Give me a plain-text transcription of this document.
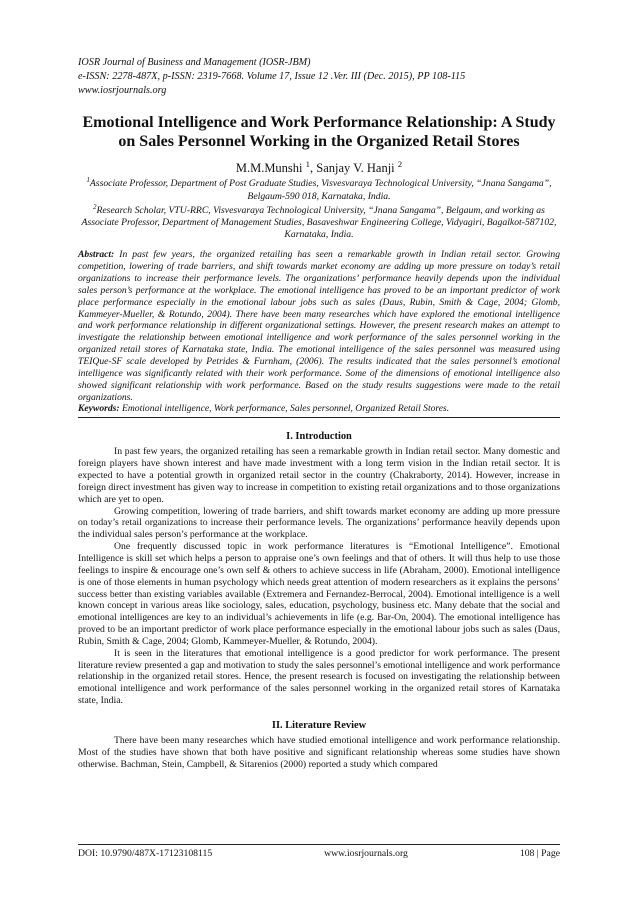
IOSR Journal of Business and Management (IOSR-JBM)
e-ISSN: 2278-487X, p-ISSN: 2319-7668. Volume 17, Issue 12 .Ver. III (Dec. 2015), PP 108-115
www.iosrjournals.org
Emotional Intelligence and Work Performance Relationship: A Study on Sales Personnel Working in the Organized Retail Stores
M.M.Munshi $^1$, Sanjay V. Hanji $^2$
$^1$Associate Professor, Department of Post Graduate Studies, Visvesvaraya Technological University, “Jnana Sangama”, Belgaum-590 018, Karnataka, India.
$^2$Research Scholar, VTU-RRC, Visvesvaraya Technological University, “Jnana Sangama”, Belgaum, and working as Associate Professor, Department of Management Studies, Basaveshwar Engineering College, Vidyagiri, Bagalkot-587102, Karnataka, India.
Abstract: In past few years, the organized retailing has seen a remarkable growth in Indian retail sector. Growing competition, lowering of trade barriers, and shift towards market economy are adding up more pressure on today’s retail organizations to increase their performance levels. The organizations’ performance heavily depends upon the individual sales person’s performance at the workplace. The emotional intelligence has proved to be an important predictor of work place performance especially in the emotional labour jobs such as sales (Daus, Rubin, Smith & Cage, 2004; Glomb, Kammeyer-Mueller, & Rotundo, 2004). There have been many researches which have explored the emotional intelligence and work performance relationship in different organizational settings. However, the present research makes an attempt to investigate the relationship between emotional intelligence and work performance of the sales personnel working in the organized retail stores of Karnataka state, India. The emotional intelligence of the sales personnel was measured using TEIQue-SF scale developed by Petrides & Furnham, (2006). The results indicated that the sales personnel’s emotional intelligence was significantly related with their work performance. Some of the dimensions of emotional intelligence also showed significant relationship with work performance. Based on the study results suggestions were made to the retail organizations.
Keywords: Emotional intelligence, Work performance, Sales personnel, Organized Retail Stores.
I. Introduction

In past few years, the organized retailing has seen a remarkable growth in Indian retail sector. Many domestic and foreign players have shown interest and have made investment with a long term vision in the Indian retail sector. It is expected to have a potential growth in organized retail sector in the country (Chakraborty, 2014). However, increase in foreign direct investment has given way to increase in competition to existing retail organizations and to those organizations which are yet to open.

Growing competition, lowering of trade barriers, and shift towards market economy are adding up more pressure on today’s retail organizations to increase their performance levels. The organizations’ performance heavily depends upon the individual sales person’s performance at the workplace.

One frequently discussed topic in work performance literatures is “Emotional Intelligence”. Emotional Intelligence is skill set which helps a person to appraise one’s own feelings and that of others. It will thus help to use those feelings to inspire & encourage one’s own self & others to achieve success in life (Abraham, 2000). Emotional intelligence is one of those elements in human psychology which needs great attention of modern researchers as it explains the persons’ success better than existing variables available (Extremera and Fernandez-Berrocal, 2004). Emotional intelligence is a well known concept in various areas like sociology, sales, education, psychology, business etc. Many debate that the social and emotional intelligences are key to an individual’s achievements in life (e.g. Bar-On, 2004). The emotional intelligence has proved to be an important predictor of work place performance especially in the emotional labour jobs such as sales (Daus, Rubin, Smith & Cage, 2004; Glomb, Kammeyer-Mueller, & Rotundo, 2004).

It is seen in the literatures that emotional intelligence is a good predictor for work performance. The present literature review presented a gap and motivation to study the sales personnel’s emotional intelligence and work performance relationship in the organized retail stores. Hence, the present research is focused on investigating the relationship between emotional intelligence and work performance of the sales personnel working in the organized retail stores of Karnataka state, India.

II. Literature Review

There have been many researches which have studied emotional intelligence and work performance relationship. Most of the studies have shown that both have positive and significant relationship whereas some studies have shown otherwise. Bachman, Stein, Campbell, & Sitarenios (2000) reported a study which compared

DOI: 10.9790/487X-17123108115	www.iosrjournals.org	108 | Page
